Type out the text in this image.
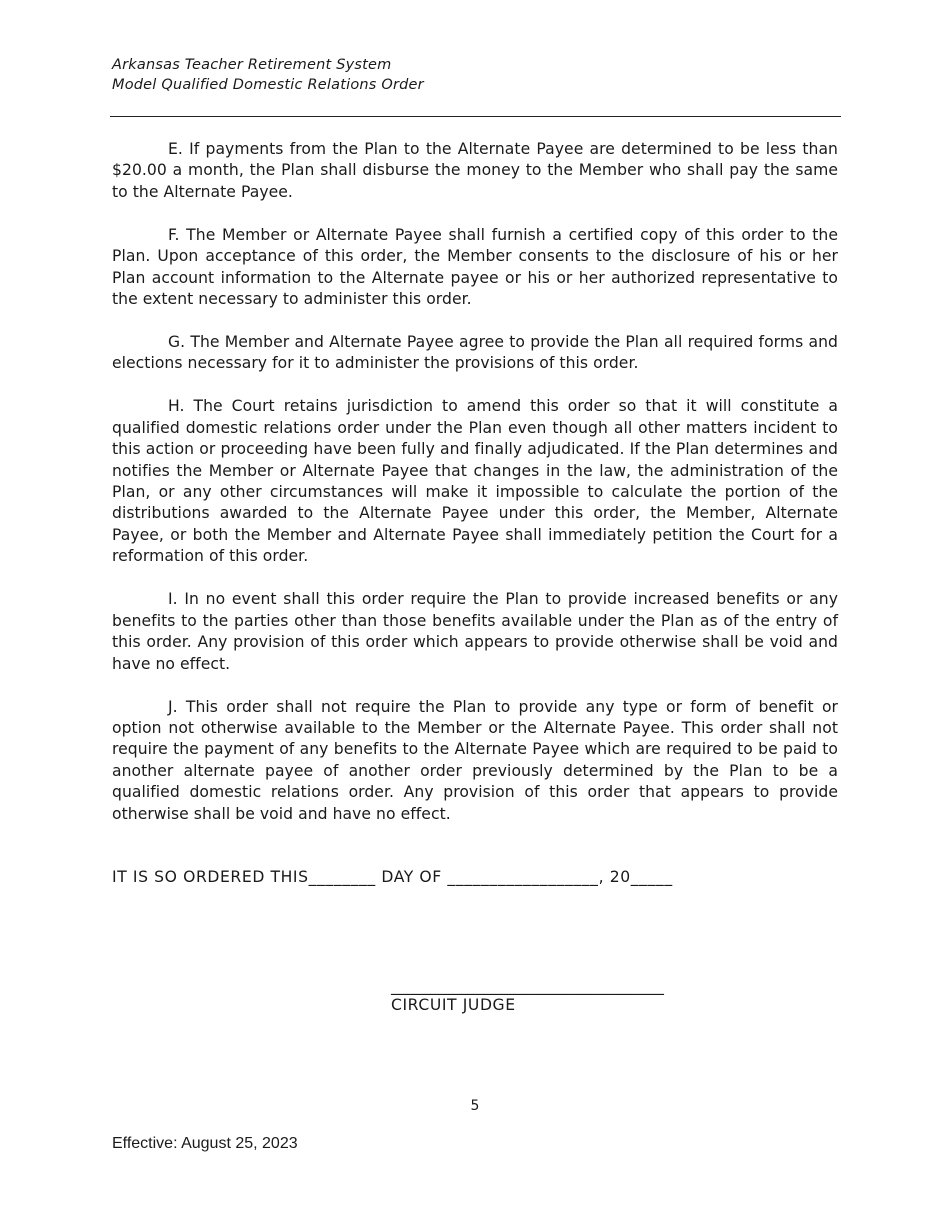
Arkansas Teacher Retirement System
Model Qualified Domestic Relations Order

E. If payments from the Plan to the Alternate Payee are determined to be less than $20.00 a month, the Plan shall disburse the money to the Member who shall pay the same to the Alternate Payee.

F. The Member or Alternate Payee shall furnish a certified copy of this order to the Plan. Upon acceptance of this order, the Member consents to the disclosure of his or her Plan account information to the Alternate payee or his or her authorized representative to the extent necessary to administer this order.

G. The Member and Alternate Payee agree to provide the Plan all required forms and elections necessary for it to administer the provisions of this order.

H. The Court retains jurisdiction to amend this order so that it will constitute a qualified domestic relations order under the Plan even though all other matters incident to this action or proceeding have been fully and finally adjudicated. If the Plan determines and notifies the Member or Alternate Payee that changes in the law, the administration of the Plan, or any other circumstances will make it impossible to calculate the portion of the distributions awarded to the Alternate Payee under this order, the Member, Alternate Payee, or both the Member and Alternate Payee shall immediately petition the Court for a reformation of this order.

I. In no event shall this order require the Plan to provide increased benefits or any benefits to the parties other than those benefits available under the Plan as of the entry of this order. Any provision of this order which appears to provide otherwise shall be void and have no effect.

J. This order shall not require the Plan to provide any type or form of benefit or option not otherwise available to the Member or the Alternate Payee. This order shall not require the payment of any benefits to the Alternate Payee which are required to be paid to another alternate payee of another order previously determined by the Plan to be a qualified domestic relations order. Any provision of this order that appears to provide otherwise shall be void and have no effect.

IT IS SO ORDERED THIS________ DAY OF __________________, 20_____
___________________________________
CIRCUIT JUDGE
5
Effective: August 25, 2023
